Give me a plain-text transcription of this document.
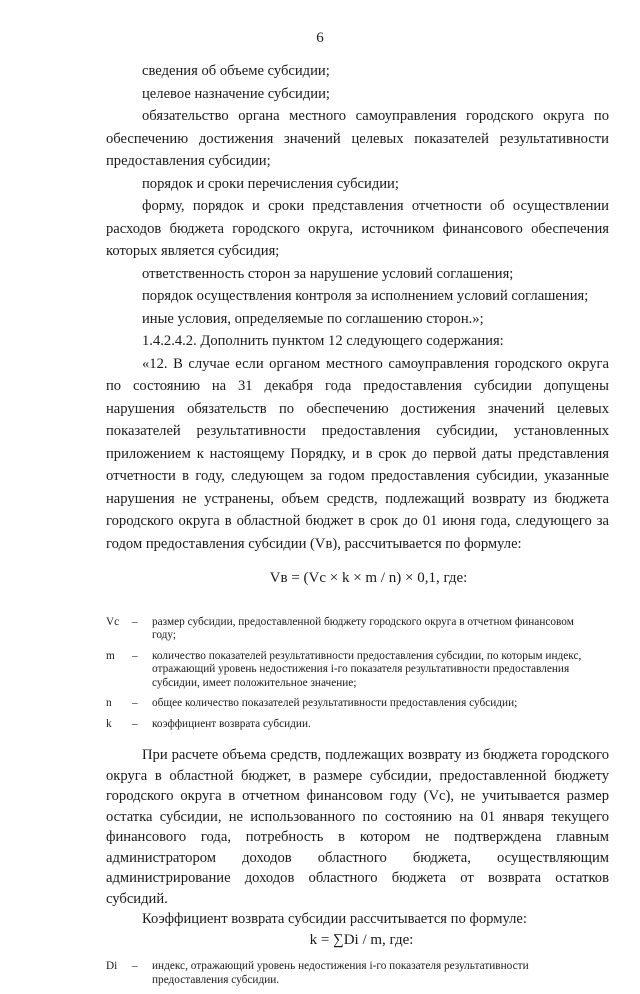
6

сведения об объеме субсидии;

целевое назначение субсидии;

обязательство органа местного самоуправления городского округа по обеспечению достижения значений целевых показателей результативности предоставления субсидии;

порядок и сроки перечисления субсидии;

форму, порядок и сроки представления отчетности об осуществлении расходов бюджета городского округа, источником финансового обеспечения которых является субсидия;

ответственность сторон за нарушение условий соглашения;

порядок осуществления контроля за исполнением условий соглашения;

иные условия, определяемые по соглашению сторон.»;

1.4.2.4.2. Дополнить пунктом 12 следующего содержания:

«12. В случае если органом местного самоуправления городского округа по состоянию на 31 декабря года предоставления субсидии допущены нарушения обязательств по обеспечению достижения значений целевых показателей результативности предоставления субсидии, установленных приложением к настоящему Порядку, и в срок до первой даты представления отчетности в году, следующем за годом предоставления субсидии, указанные нарушения не устранены, объем средств, подлежащий возврату из бюджета городского округа в областной бюджет в срок до 01 июня года, следующего за годом предоставления субсидии (Vв), рассчитывается по формуле:

Vв = (Vс × k × m / n) × 0,1, где:
Vс	–	размер субсидии, предоставленной бюджету городского округа в отчетном финансовом году;
m	–	количество показателей результативности предоставления субсидии, по которым индекс, отражающий уровень недостижения i-го показателя результативности предоставления субсидии, имеет положительное значение;
n	–	общее количество показателей результативности предоставления субсидии;
k	–	коэффициент возврата субсидии.

При расчете объема средств, подлежащих возврату из бюджета городского округа в областной бюджет, в размере субсидии, предоставленной бюджету городского округа в отчетном финансовом году (Vс), не учитывается размер остатка субсидии, не использованного по состоянию на 01 января текущего финансового года, потребность в котором не подтверждена главным администратором доходов областного бюджета, осуществляющим администрирование доходов областного бюджета от возврата остатков субсидий.

Коэффициент возврата субсидии рассчитывается по формуле:

k = ∑Di / m, где:
Di	–	индекс, отражающий уровень недостижения i-го показателя результативности предоставления субсидии.
